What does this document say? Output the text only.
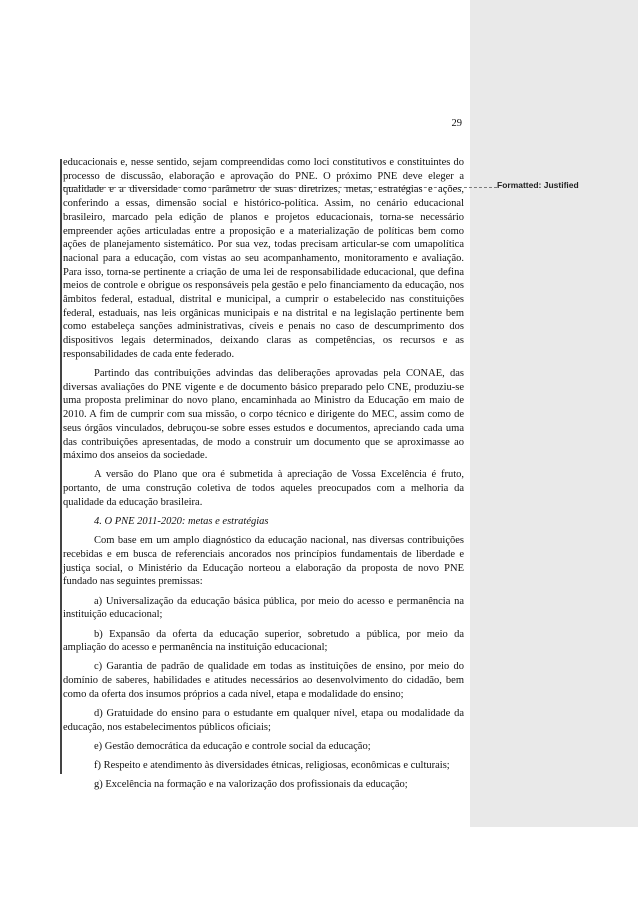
Formatted: Justified
29

educacionais e, nesse sentido, sejam compreendidas como loci constitutivos e constituintes do processo de discussão, elaboração e aprovação do PNE. O próximo PNE deve eleger a qualidade e a diversidade como parâmetro de suas diretrizes, metas, estratégias e ações, conferindo a essas, dimensão social e histórico-política. Assim, no cenário educacional brasileiro, marcado pela edição de planos e projetos educacionais, torna-se necessário empreender ações articuladas entre a proposição e a materialização de políticas bem como ações de planejamento sistemático. Por sua vez, todas precisam articular-se com umapolítica nacional para a educação, com vistas ao seu acompanhamento, monitoramento e avaliação. Para isso, torna-se pertinente a criação de uma lei de responsabilidade educacional, que defina meios de controle e obrigue os responsáveis pela gestão e pelo financiamento da educação, nos âmbitos federal, estadual, distrital e municipal, a cumprir o estabelecido nas constituições federal, estaduais, nas leis orgânicas municipais e na distrital e na legislação pertinente bem como estabeleça sanções administrativas, cíveis e penais no caso de descumprimento dos dispositivos legais determinados, deixando claras as competências, os recursos e as responsabilidades de cada ente federado.

Partindo das contribuições advindas das deliberações aprovadas pela CONAE, das diversas avaliações do PNE vigente e de documento básico preparado pelo CNE, produziu-se uma proposta preliminar do novo plano, encaminhada ao Ministro da Educação em maio de 2010. A fim de cumprir com sua missão, o corpo técnico e dirigente do MEC, assim como de seus órgãos vinculados, debruçou-se sobre esses estudos e documentos, apreciando cada uma das contribuições apresentadas, de modo a construir um documento que se aproximasse ao máximo dos anseios da sociedade.

A versão do Plano que ora é submetida à apreciação de Vossa Excelência é fruto, portanto, de uma construção coletiva de todos aqueles preocupados com a melhoria da qualidade da educação brasileira.

4. O PNE 2011-2020: metas e estratégias

Com base em um amplo diagnóstico da educação nacional, nas diversas contribuições recebidas e em busca de referenciais ancorados nos princípios fundamentais de liberdade e justiça social, o Ministério da Educação norteou a elaboração da proposta de novo PNE fundado nas seguintes premissas:

a) Universalização da educação básica pública, por meio do acesso e permanência na instituição educacional;

b) Expansão da oferta da educação superior, sobretudo a pública, por meio da ampliação do acesso e permanência na instituição educacional;

c) Garantia de padrão de qualidade em todas as instituições de ensino, por meio do domínio de saberes, habilidades e atitudes necessários ao desenvolvimento do cidadão, bem como da oferta dos insumos próprios a cada nível, etapa e modalidade do ensino;

d) Gratuidade do ensino para o estudante em qualquer nível, etapa ou modalidade da educação, nos estabelecimentos públicos oficiais;

e) Gestão democrática da educação e controle social da educação;

f) Respeito e atendimento às diversidades étnicas, religiosas, econômicas e culturais;

g) Excelência na formação e na valorização dos profissionais da educação;
